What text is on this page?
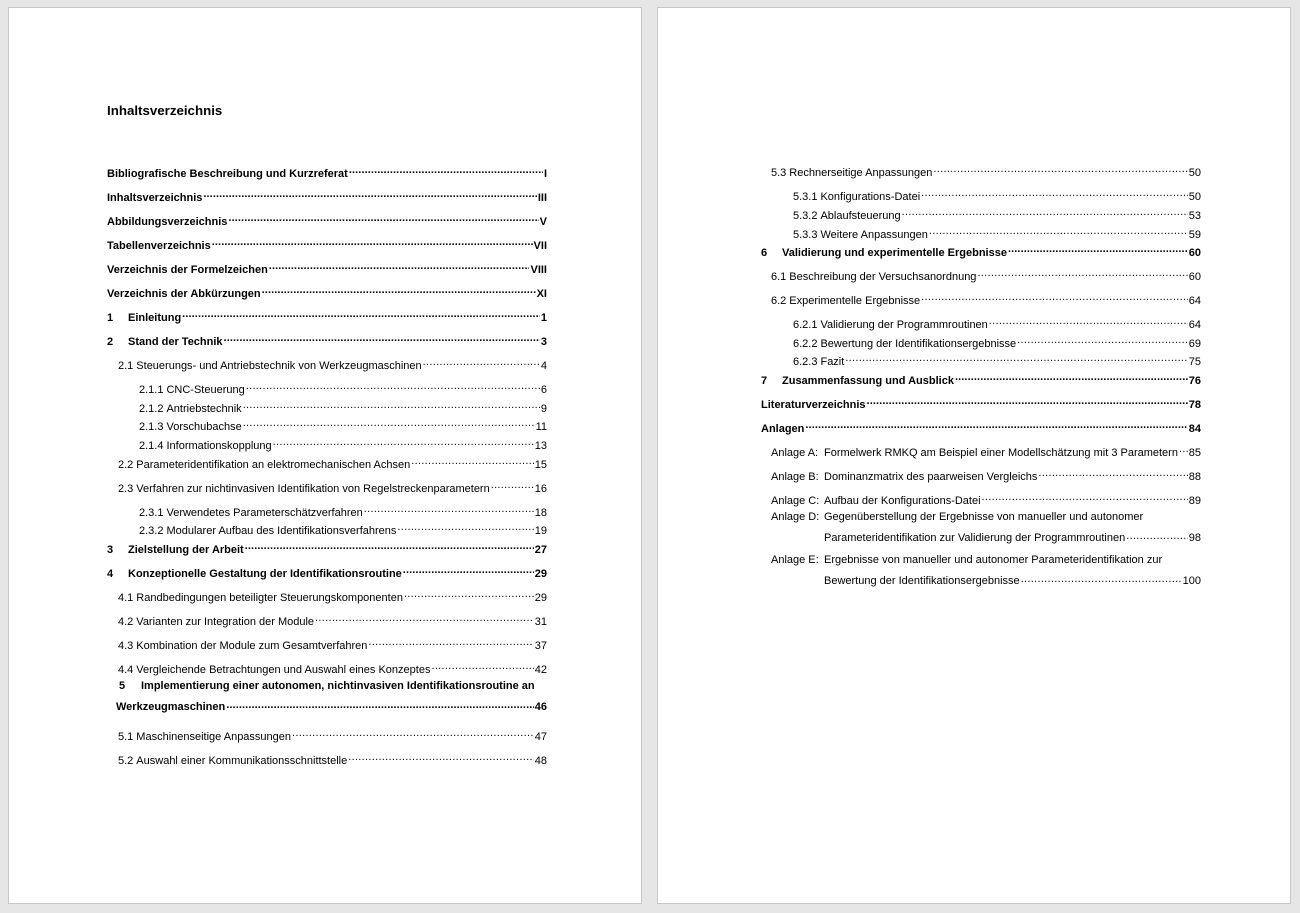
Inhaltsverzeichnis
Bibliografische Beschreibung und Kurzreferat .....	I
Inhaltsverzeichnis .....	III
Abbildungsverzeichnis .....	V
Tabellenverzeichnis .....	VII
Verzeichnis der Formelzeichen .....	VIII
Verzeichnis der Abkürzungen .....	XI
1	Einleitung .....	1
2	Stand der Technik .....	3
2.1 Steuerungs- und Antriebstechnik von Werkzeugmaschinen .....	4
2.1.1 CNC-Steuerung .....	6
2.1.2 Antriebstechnik .....	9
2.1.3 Vorschubachse .....	11
2.1.4 Informationskopplung .....	13
2.2 Parameteridentifikation an elektromechanischen Achsen .....	15
2.3 Verfahren zur nichtinvasiven Identifikation von Regelstreckenparametern .....	16
2.3.1 Verwendetes Parameterschätzverfahren .....	18
2.3.2 Modularer Aufbau des Identifikationsverfahrens .....	19
3	Zielstellung der Arbeit .....	27
4	Konzeptionelle Gestaltung der Identifikationsroutine .....	29
4.1 Randbedingungen beteiligter Steuerungskomponenten .....	29
4.2 Varianten zur Integration der Module .....	31
4.3 Kombination der Module zum Gesamtverfahren .....	37
4.4 Vergleichende Betrachtungen und Auswahl eines Konzeptes .....	42
5	Implementierung einer autonomen, nichtinvasiven Identifikationsroutine an
Werkzeugmaschinen .....	46
5.1 Maschinenseitige Anpassungen .....	47
5.2 Auswahl einer Kommunikationsschnittstelle .....	48
5.3 Rechnerseitige Anpassungen .....	50
5.3.1 Konfigurations-Datei .....	50
5.3.2 Ablaufsteuerung .....	53
5.3.3 Weitere Anpassungen .....	59
6	Validierung und experimentelle Ergebnisse .....	60
6.1 Beschreibung der Versuchsanordnung .....	60
6.2 Experimentelle Ergebnisse .....	64
6.2.1 Validierung der Programmroutinen .....	64
6.2.2 Bewertung der Identifikationsergebnisse .....	69
6.2.3 Fazit .....	75
7	Zusammenfassung und Ausblick .....	76
Literaturverzeichnis .....	78
Anlagen .....	84
Anlage A: Formelwerk RMKQ am Beispiel einer Modellschätzung mit 3 Parametern ..... 85
Anlage B: Dominanzmatrix des paarweisen Vergleichs .....	88
Anlage C: Aufbau der Konfigurations-Datei .....	89
Anlage D: Gegenüberstellung der Ergebnisse von manueller und autonomer
Parameteridentifikation zur Validierung der Programmroutinen .....	98
Anlage E: Ergebnisse von manueller und autonomer Parameteridentifikation zur
Bewertung der Identifikationsergebnisse .....	100
